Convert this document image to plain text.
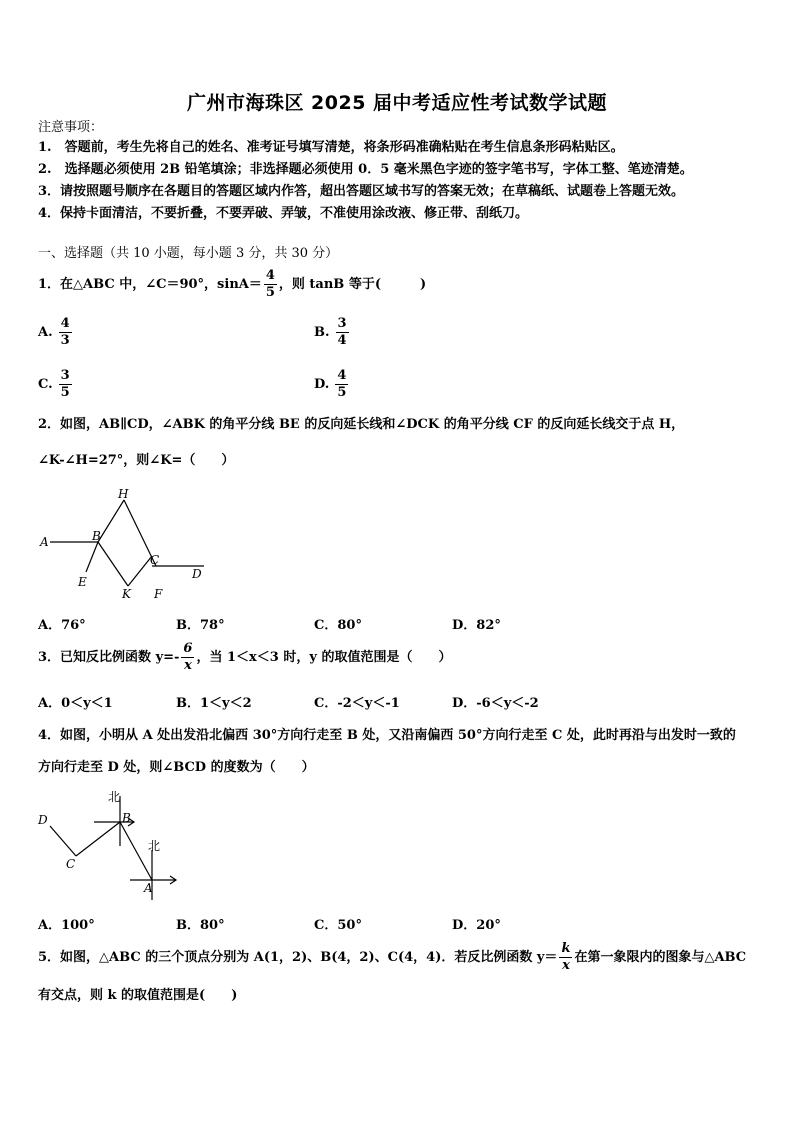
广州市海珠区 2025 届中考适应性考试数学试题
注意事项：
1.　答题前，考生先将自己的姓名、准考证号填写清楚，将条形码准确粘贴在考生信息条形码粘贴区。
2.　选择题必须使用 2B 铅笔填涂；非选择题必须使用 0．5 毫米黑色字迹的签字笔书写，字体工整、笔迹清楚。
3．请按照题号顺序在各题目的答题区域内作答，超出答题区域书写的答案无效；在草稿纸、试题卷上答题无效。
4．保持卡面清洁，不要折叠，不要弄破、弄皱，不准使用涂改液、修正带、刮纸刀。
一、选择题（共 10 小题，每小题 3 分，共 30 分）
1．在△ABC 中，∠C＝90°，$\sin A= \frac{4}{5}$ ，则 tanB 等于(　　　)
A. $\frac{4}{3}$	B. $\frac{3}{4}$
C. $\frac{3}{5}$	D. $\frac{4}{5}$
2．如图，AB∥CD，∠ABK 的角平分线 BE 的反向延长线和∠DCK 的角平分线 CF 的反向延长线交于点 H，
∠K-∠H=27°，则∠K=（　　）
A	B
C
D
E
F
H
K
A．76°	B．78°	C．80°	D．82°
3．已知反比例函数 $y=- \frac{6}{x}$ ，当 1＜x＜3 时，y 的取值范围是（　　）
A．0＜y＜1	B．1＜y＜2	C．-2＜y＜-1	D．-6＜y＜-2
4．如图，小明从 A 处出发沿北偏西 30°方向行走至 B 处，又沿南偏西 50°方向行走至 C 处，此时再沿与出发时一致的
方向行走至 D 处，则∠BCD 的度数为（　　）
D
C
B
A
北
北
A．100°	B．80°	C．50°	D．20°
5．如图，△ABC 的三个顶点分别为 A(1，2)、B(4，2)、C(4，4)．若反比例函数 $y= \frac{k}{x}$ 在第一象限内的图象与△ABC
有交点，则 k 的取值范围是(　　)
